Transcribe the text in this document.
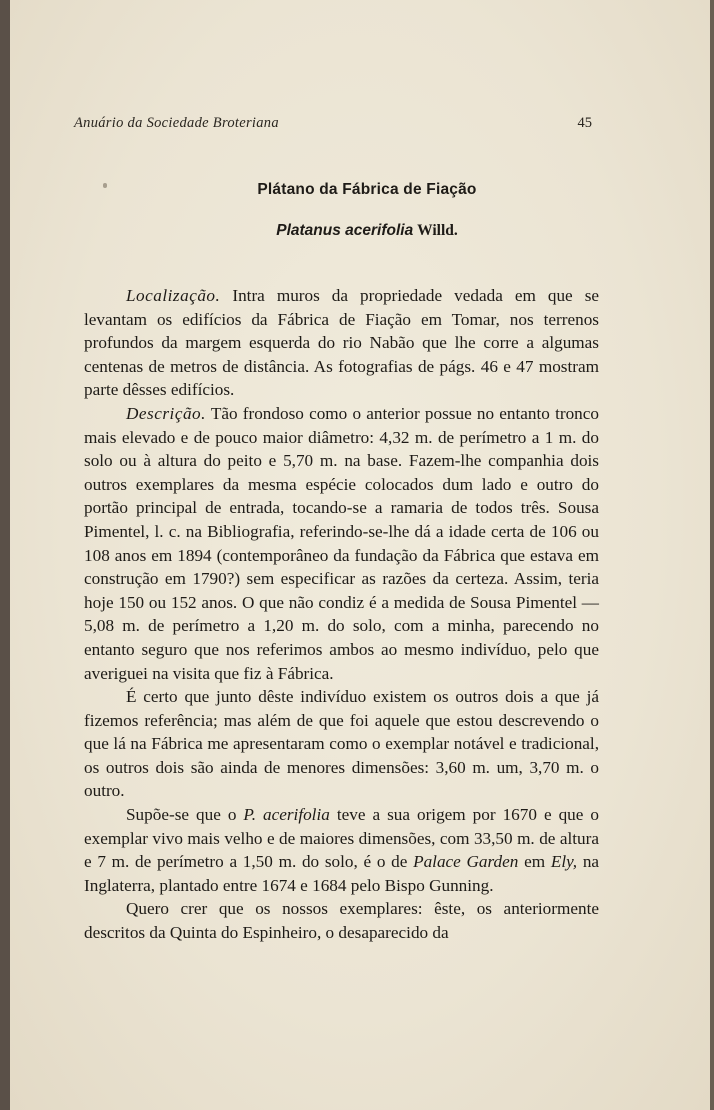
Anuário da Sociedade Broteriana	45
Plátano da Fábrica de Fiação
Platanus acerifolia Willd.

Localização. Intra muros da propriedade vedada em que se levantam os edifícios da Fábrica de Fiação em Tomar, nos terrenos profundos da margem esquerda do rio Nabão que lhe corre a algumas centenas de metros de distância. As fotografias de págs. 46 e 47 mostram parte dêsses edifícios.

Descrição. Tão frondoso como o anterior possue no entanto tronco mais elevado e de pouco maior diâmetro: 4,32 m. de perímetro a 1 m. do solo ou à altura do peito e 5,70 m. na base. Fazem-lhe companhia dois outros exemplares da mesma espécie colocados dum lado e outro do portão principal de entrada, tocando-se a ramaria de todos três. Sousa Pimentel, l. c. na Bibliografia, referindo-se-lhe dá a idade certa de 106 ou 108 anos em 1894 (contemporâneo da fundação da Fábrica que estava em construção em 1790?) sem especificar as razões da certeza. Assim, teria hoje 150 ou 152 anos. O que não condiz é a medida de Sousa Pimentel —5,08 m. de perímetro a 1,20 m. do solo, com a minha, parecendo no entanto seguro que nos referimos ambos ao mesmo indivíduo, pelo que averiguei na visita que fiz à Fábrica.

É certo que junto dêste indivíduo existem os outros dois a que já fizemos referência; mas além de que foi aquele que estou descrevendo o que lá na Fábrica me apresentaram como o exemplar notável e tradicional, os outros dois são ainda de menores dimensões: 3,60 m. um, 3,70 m. o outro.

Supõe-se que o P. acerifolia teve a sua origem por 1670 e que o exemplar vivo mais velho e de maiores dimensões, com 33,50 m. de altura e 7 m. de perímetro a 1,50 m. do solo, é o de Palace Garden em Ely, na Inglaterra, plantado entre 1674 e 1684 pelo Bispo Gunning.

Quero crer que os nossos exemplares: êste, os anteriormente descritos da Quinta do Espinheiro, o desaparecido da
